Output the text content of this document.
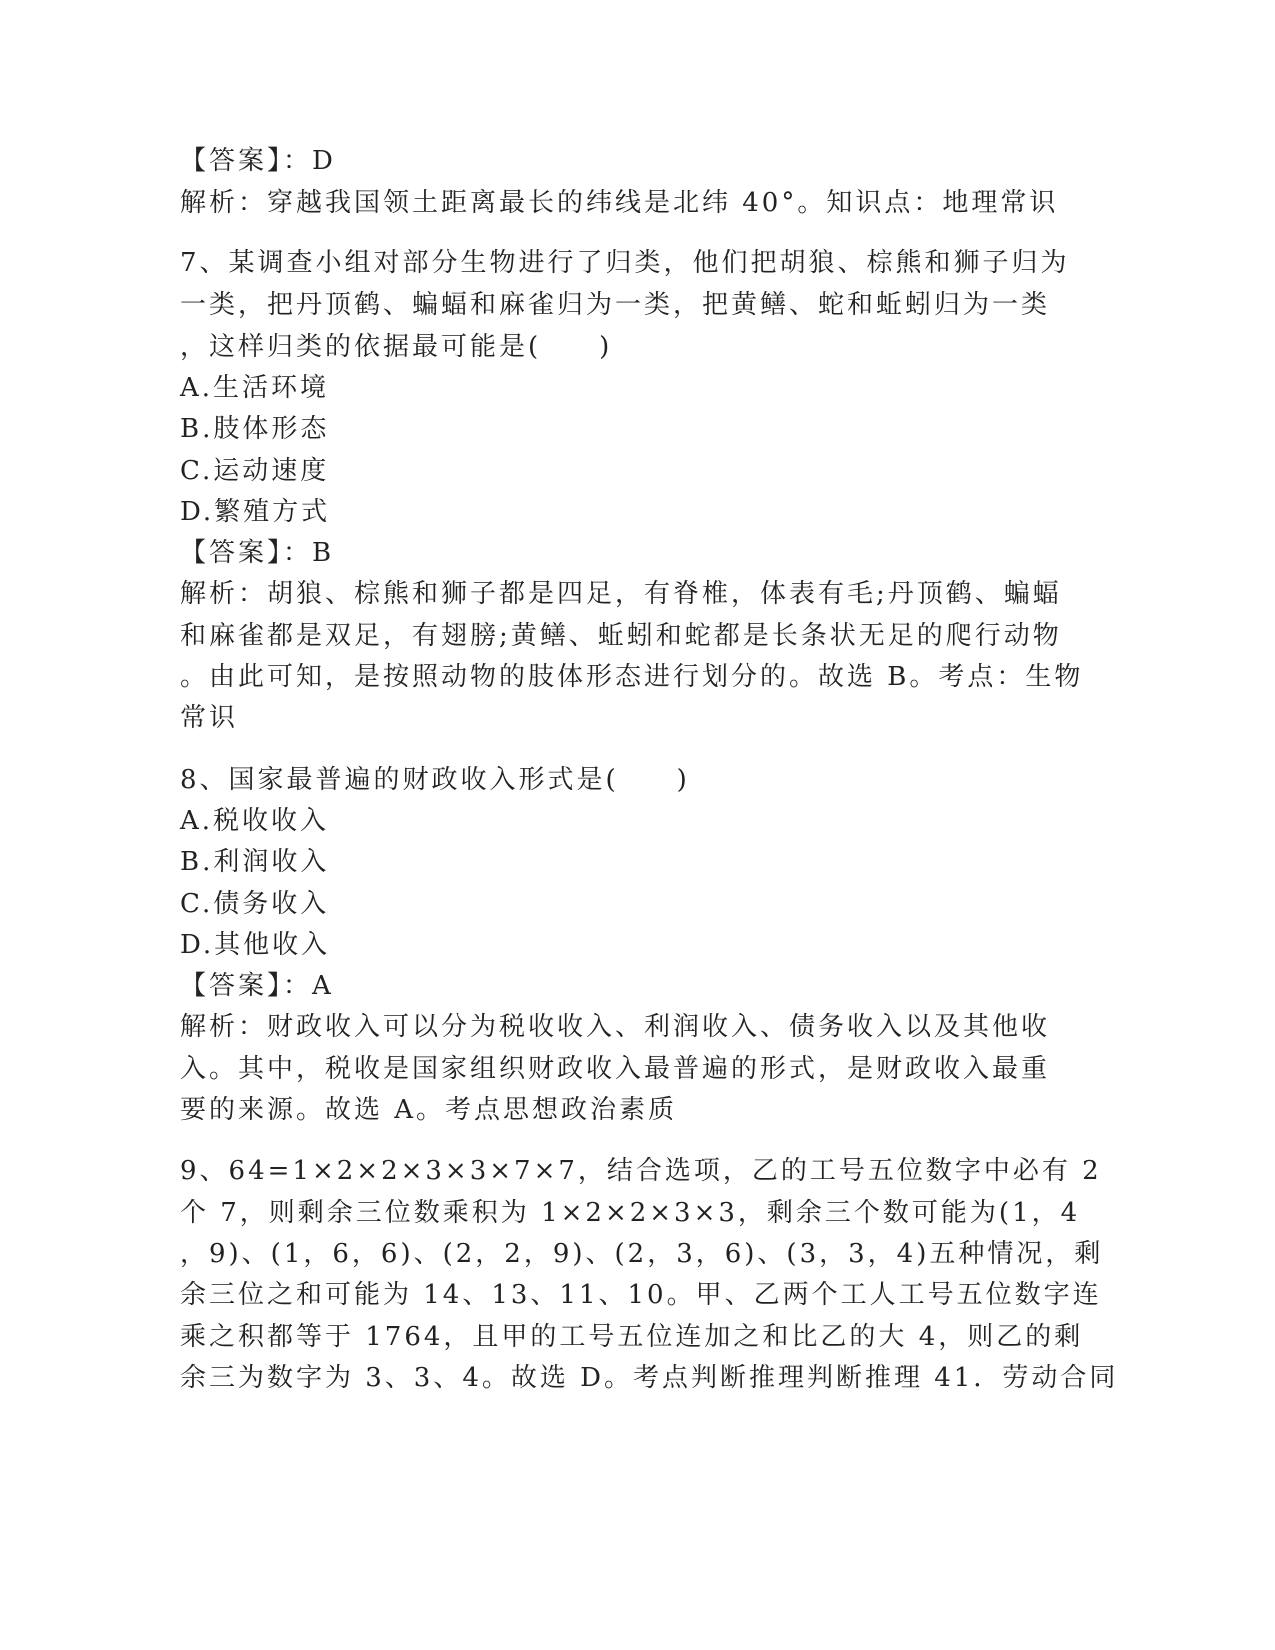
【答案】：D
解析：穿越我国领土距离最长的纬线是北纬 40°。知识点：地理常识
7、某调查小组对部分生物进行了归类，他们把胡狼、棕熊和狮子归为
一类，把丹顶鹤、蝙蝠和麻雀归为一类，把黄鳝、蛇和蚯蚓归为一类
，这样归类的依据最可能是(　　)
A.生活环境
B.肢体形态
C.运动速度
D.繁殖方式
【答案】：B
解析：胡狼、棕熊和狮子都是四足，有脊椎，体表有毛;丹顶鹤、蝙蝠
和麻雀都是双足，有翅膀;黄鳝、蚯蚓和蛇都是长条状无足的爬行动物
。由此可知，是按照动物的肢体形态进行划分的。故选 B。考点：生物
常识
8、国家最普遍的财政收入形式是(　　)
A.税收收入
B.利润收入
C.债务收入
D.其他收入
【答案】：A
解析：财政收入可以分为税收收入、利润收入、债务收入以及其他收
入。其中，税收是国家组织财政收入最普遍的形式，是财政收入最重
要的来源。故选 A。考点思想政治素质
9、64=1×2×2×3×3×7×7，结合选项，乙的工号五位数字中必有 2
个 7，则剩余三位数乘积为 1×2×2×3×3，剩余三个数可能为(1，4
，9)、(1，6，6)、(2，2，9)、(2，3，6)、(3，3，4)五种情况，剩
余三位之和可能为 14、13、11、10。甲、乙两个工人工号五位数字连
乘之积都等于 1764，且甲的工号五位连加之和比乙的大 4，则乙的剩
余三为数字为 3、3、4。故选 D。考点判断推理判断推理 41．劳动合同
